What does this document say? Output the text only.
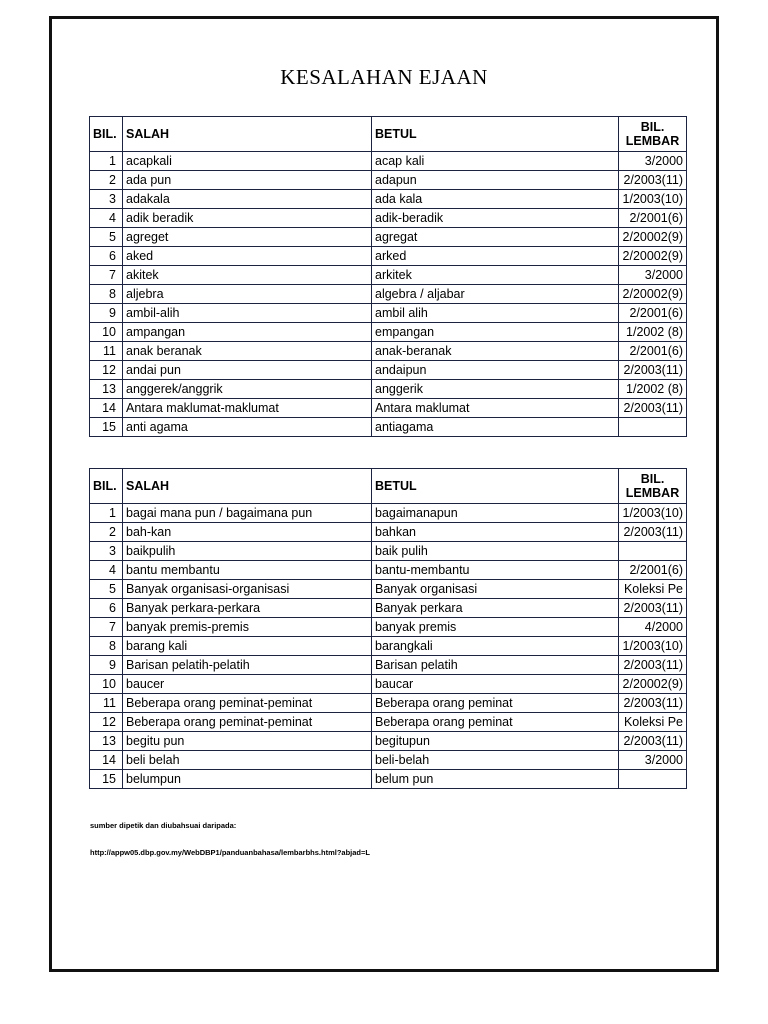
KESALAHAN EJAAN
BIL.	SALAH	BETUL	BIL.
LEMBAR
1	acapkali	acap kali	3/2000
2	ada pun	adapun	2/2003(11)
3	adakala	ada kala	1/2003(10)
4	adik beradik	adik-beradik	2/2001(6)
5	agreget	agregat	2/20002(9)
6	aked	arked	2/20002(9)
7	akitek	arkitek	3/2000
8	aljebra	algebra / aljabar	2/20002(9)
9	ambil-alih	ambil alih	2/2001(6)
10	ampangan	empangan	1/2002 (8)
11	anak beranak	anak-beranak	2/2001(6)
12	andai pun	andaipun	2/2003(11)
13	anggerek/anggrik	anggerik	1/2002 (8)
14	Antara maklumat-maklumat	Antara maklumat	2/2003(11)
15	anti agama	antiagama	
BIL.	SALAH	BETUL	BIL.
LEMBAR
1	bagai mana pun / bagaimana pun	bagaimanapun	1/2003(10)
2	bah-kan	bahkan	2/2003(11)
3	baikpulih	baik pulih	
4	bantu membantu	bantu-membantu	2/2001(6)
5	Banyak organisasi-organisasi	Banyak organisasi	Koleksi Pe
6	Banyak perkara-perkara	Banyak perkara	2/2003(11)
7	banyak premis-premis	banyak premis	4/2000
8	barang kali	barangkali	1/2003(10)
9	Barisan pelatih-pelatih	Barisan pelatih	2/2003(11)
10	baucer	baucar	2/20002(9)
11	Beberapa orang peminat-peminat	Beberapa orang peminat	2/2003(11)
12	Beberapa orang peminat-peminat	Beberapa orang peminat	Koleksi Pe
13	begitu pun	begitupun	2/2003(11)
14	beli belah	beli-belah	3/2000
15	belumpun	belum pun	
sumber dipetik dan diubahsuai daripada:
http://appw05.dbp.gov.my/WebDBP1/panduanbahasa/lembarbhs.html?abjad=L
